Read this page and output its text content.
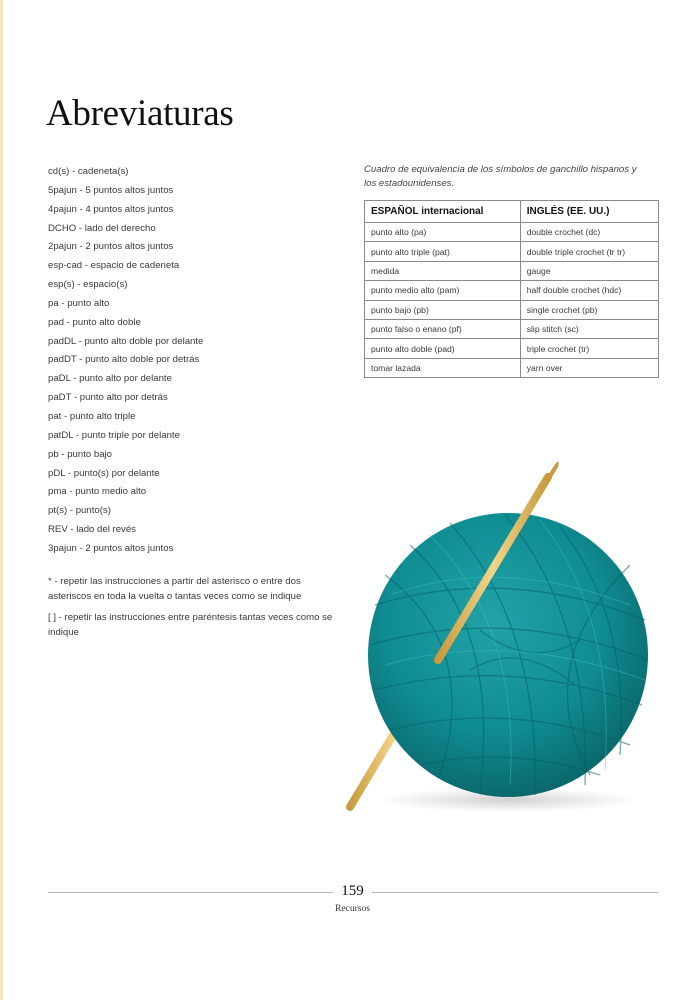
Abreviaturas
cd(s) - cadeneta(s)
5pajun - 5 puntos altos juntos
4pajun - 4 puntos altos juntos
DCHO - lado del derecho
2pajun - 2 puntos altos juntos
esp-cad - espacio de cadeneta
esp(s) - espacio(s)
pa - punto alto
pad - punto alto doble
padDL - punto alto doble por delante
padDT - punto alto doble por detrás
paDL - punto alto por delante
paDT - punto alto por detrás
pat - punto alto triple
patDL - punto triple por delante
pb - punto bajo
pDL - punto(s) por delante
pma - punto medio alto
pt(s) - punto(s)
REV - lado del revés
3pajun - 2 puntos altos juntos

* - repetir las instrucciones a partir del asterisco o entre dos asteriscos en toda la vuelta o tantas veces como se indique

[ ] - repetir las instrucciones entre paréntesis tantas veces como se indique

Cuadro de equivalencia de los símbolos de ganchillo hispanos y los estadounidenses.

ESPAÑOL internacional	INGLÉS (EE. UU.)
punto alto (pa)	double crochet (dc)
punto alto triple (pat)	double triple crochet (tr tr)
medida	gauge
punto medio alto (pam)	half double crochet (hdc)
punto bajo (pb)	single crochet (pb)
punto falso o enano (pf)	slip stitch (sc)
punto alto doble (pad)	triple crochet (tr)
tomar lazada	yarn over
159
Recursos
